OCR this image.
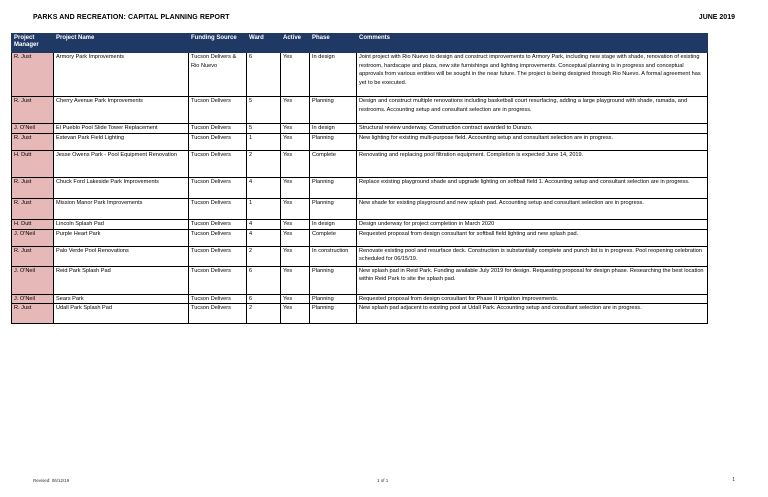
PARKS AND RECREATION: CAPITAL PLANNING REPORT	JUNE 2019
Project Manager	Project Name	Funding Source	Ward	Active	Phase	Comments
R. Just	Armory Park Improvements	Tucson Delivers & Rio Nuevo	6	Yes	In design	Joint project with Rio Nuevo to design and construct improvements to Armory Park, including new stage with shade, renovation of existing restroom, hardscape and plaza, new site furnishings and lighting improvements. Conceptual planning is in progress and conceptual approvals from various entities will be sought in the near future. The project is being designed through Rio Nuevo. A formal agreement has yet to be executed.
R. Just	Cherry Avenue Park Improvements	Tucson Delivers	5	Yes	Planning	Design and construct multiple renovations including basketball court resurfacing, adding a large playground with shade, ramada, and restrooms. Accounting setup and consultant selection are in progress.
J. O'Neil	El Pueblo Pool Slide Tower Replacement	Tucson Delivers	5	Yes	In design	Structural review underway. Construction contract awarded to Durazo.
R. Just	Estevan Park Field Lighting	Tucson Delivers	1	Yes	Planning	New lighting for existing multi-purpose field. Accounting setup and consultant selection are in progress.
H. Dutt	Jesse Owens Park - Pool Equipment Renovation	Tucson Delivers	2	Yes	Complete	Renovating and replacing pool filtration equipment. Completion is expected June 14, 2019.
R. Just	Chuck Ford Lakeside Park Improvements	Tucson Delivers	4	Yes	Planning	Replace existing playground shade and upgrade lighting on softball field 1. Accounting setup and consultant selection are in progress.
R. Just	Mission Manor Park Improvements	Tucson Delivers	1	Yes	Planning	New shade for existing playground and new splash pad. Accounting setup and consultant selection are in progress.
H. Dutt	Lincoln Splash Pad	Tucson Delivers	4	Yes	In design	Design underway for project completion in March 2020
J. O'Neil	Purple Heart Park	Tucson Delivers	4	Yes	Complete	Requested proposal from design consultant for softball field lighting and new splash pad.
R. Just	Palo Verde Pool Renovations	Tucson Delivers	2	Yes	In construction	Renovate existing pool and resurface deck. Construction is substantially complete and punch list is in progress. Pool reopening celebration scheduled for 06/15/19.
J. O'Neil	Reid Park Splash Pad	Tucson Delivers	6	Yes	Planning	New splash pad in Reid Park. Funding available July 2019 for design. Requesting proposal for design phase. Researching the best location within Reid Park to site the splash pad.
J. O'Neil	Sears Park	Tucson Delivers	6	Yes	Planning	Requested proposal from design consultant for Phase II irrigation improvements.
R. Just	Udall Park Splash Pad	Tucson Delivers	2	Yes	Planning	New splash pad adjacent to existing pool at Udall Park. Accounting setup and consultant selection are in progress.
Revised: 06/12/19	1 of 1	1
